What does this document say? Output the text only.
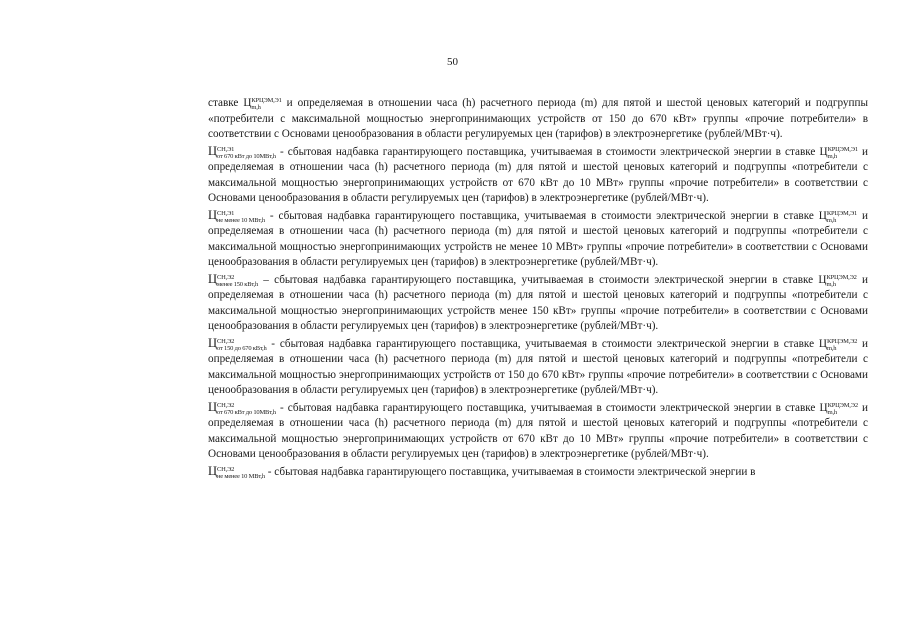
50

ставке Ц КРЦЭМ,Э1
m,h	и определяемая в отношении часа (h) расчетного периода (m) для пятой и шестой ценовых категорий и подгруппы «потребители с максимальной мощностью энергопринимающих устройств от 150 до 670 кВт» группы «прочие потребители» в соответствии с Основами ценообразования в области регулируемых цен (тарифов) в электроэнергетике (рублей/МВт·ч).

Ц СН,Э1
от 670 кВт до 10МВт,h - сбытовая надбавка гарантирующего поставщика, учитываемая в стоимости электрической энергии в ставке Ц КРЦЭМ,Э1
m,h	и определяемая в отношении часа (h) расчетного периода (m) для пятой и шестой ценовых категорий и подгруппы «потребители с максимальной мощностью энергопринимающих устройств от 670 кВт до 10 МВт» группы «прочие потребители» в соответствии с Основами ценообразования в области регулируемых цен (тарифов) в электроэнергетике (рублей/МВт·ч).

Ц СН,Э1
не менее 10 МВт,h - сбытовая надбавка гарантирующего поставщика, учитываемая в стоимости электрической энергии в ставке Ц КРЦЭМ,Э1
m,h	и определяемая в отношении часа (h) расчетного периода (m) для пятой и шестой ценовых категорий и подгруппы «потребители с максимальной мощностью энергопринимающих устройств не менее 10 МВт» группы «прочие потребители» в соответствии с Основами ценообразования в области регулируемых цен (тарифов) в электроэнергетике (рублей/МВт·ч).

Ц СН,Э2
менее 150 кВт,h – сбытовая надбавка гарантирующего поставщика, учитываемая в стоимости электрической энергии в ставке Ц КРЦЭМ,Э2
m,h	и определяемая в отношении часа (h) расчетного периода (m) для пятой и шестой ценовых категорий и подгруппы «потребители с максимальной мощностью энергопринимающих устройств менее 150 кВт» группы «прочие потребители» в соответствии с Основами ценообразования в области регулируемых цен (тарифов) в электроэнергетике (рублей/МВт·ч).

Ц СН,Э2
от 150 до 670 кВт,h - сбытовая надбавка гарантирующего поставщика, учитываемая в стоимости электрической энергии в ставке Ц КРЦЭМ,Э2
m,h	и определяемая в отношении часа (h) расчетного периода (m) для пятой и шестой ценовых категорий и подгруппы «потребители с максимальной мощностью энергопринимающих устройств от 150 до 670 кВт» группы «прочие потребители» в соответствии с Основами ценообразования в области регулируемых цен (тарифов) в электроэнергетике (рублей/МВт·ч).

Ц СН,Э2
от 670 кВт до 10МВт,h - сбытовая надбавка гарантирующего поставщика, учитываемая в стоимости электрической энергии в ставке Ц КРЦЭМ,Э2
m,h	и определяемая в отношении часа (h) расчетного периода (m) для пятой и шестой ценовых категорий и подгруппы «потребители с максимальной мощностью энергопринимающих устройств от 670 кВт до 10 МВт» группы «прочие потребители» в соответствии с Основами ценообразования в области регулируемых цен (тарифов) в электроэнергетике (рублей/МВт·ч).

Ц СН,Э2
не менее 10 МВт,h - сбытовая надбавка гарантирующего поставщика, учитываемая в стоимости электрической энергии в
